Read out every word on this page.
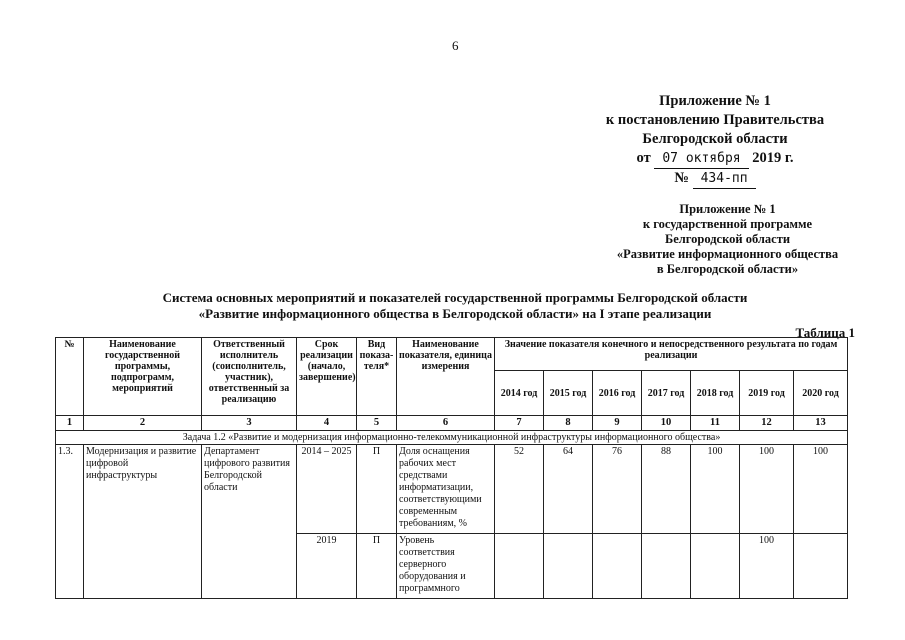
6
Приложение № 1
к постановлению Правительства
Белгородской области
от 07 октября 2019 г.
№ 434-пп
Приложение № 1
к государственной программе
Белгородской области
«Развитие информационного общества
в Белгородской области»
Система основных мероприятий и показателей государственной программы Белгородской области
«Развитие информационного общества в Белгородской области» на I этапе реализации
Таблица 1
№	Наименование государственной программы, подпрограмм, мероприятий	Ответственный исполнитель (соисполнитель, участник), ответственный за реализацию	Срок реализации (начало, завершение)	Вид показа-теля*	Наименование показателя, единица измерения	Значение показателя конечного и непосредственного результата по годам реализации						
						2014 год	2015 год	2016 год	2017 год	2018 год	2019 год	2020 год
1	2	3	4	5	6	7	8	9	10	11	12	13
Задача 1.2 «Развитие и модернизация информационно-телекоммуникационной инфраструктуры информационного общества»												
1.3.	Модернизация и развитие цифровой инфраструктуры	Департамент цифрового развития Белгородской области	2014 – 2025	П	Доля оснащения рабочих мест средствами информатизации, соответствующими современным требованиям, %	52	64	76	88	100	100	100
			2019	П	Уровень соответствия серверного оборудования и программного						100	
